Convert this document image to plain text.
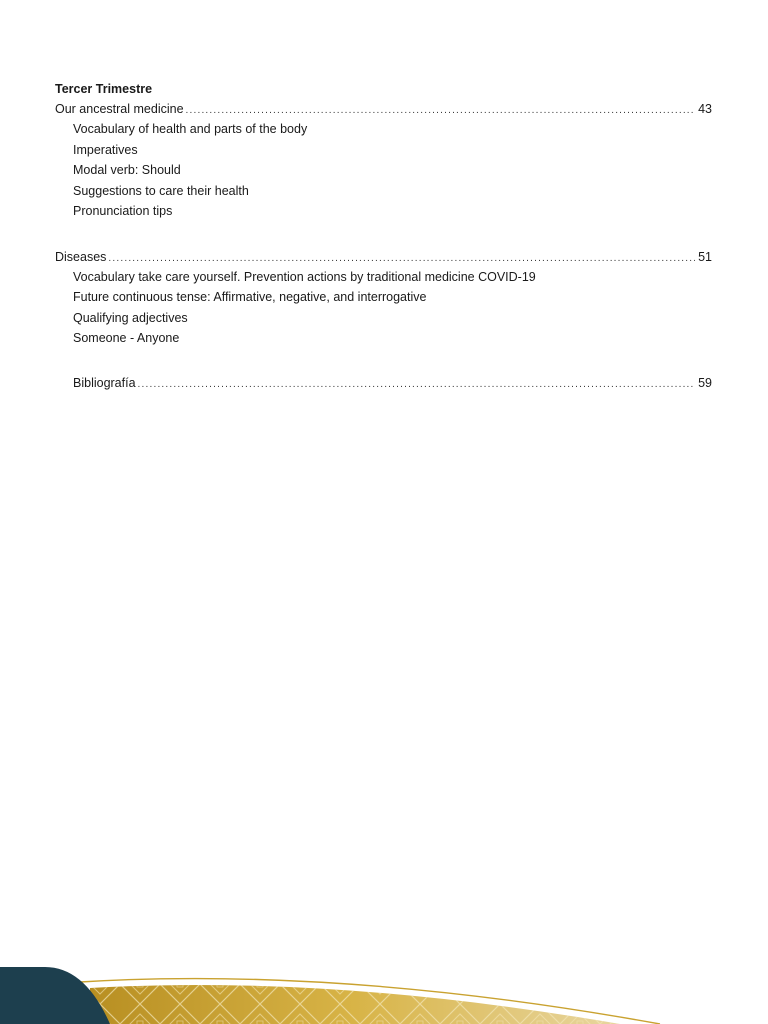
Tercer Trimestre
Our ancestral medicine .....	43
Vocabulary of health and parts of the body
Imperatives
Modal verb: Should
Suggestions to care their health
Pronunciation tips
Diseases .....	51
Vocabulary take care yourself. Prevention actions by traditional medicine COVID-19
Future continuous tense: Affirmative, negative, and interrogative
Qualifying adjectives
Someone - Anyone
Bibliografía .....	59
